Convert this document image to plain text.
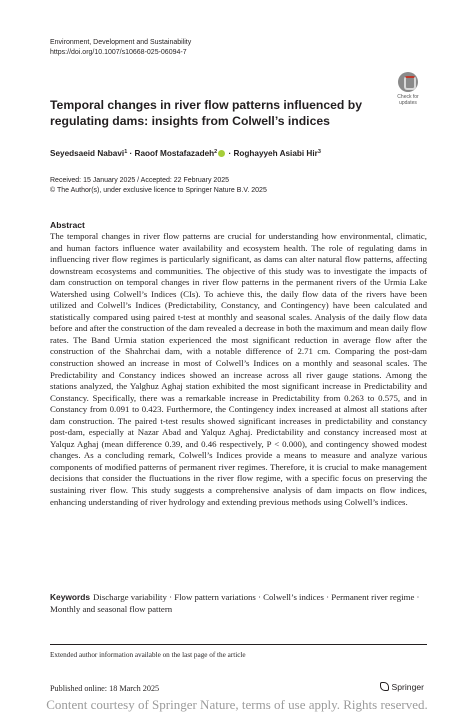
Environment, Development and Sustainability
https://doi.org/10.1007/s10668-025-06094-7
Check for updates
Temporal changes in river flow patterns influenced by regulating dams: insights from Colwell’s indices
Seyedsaeid Nabavi$^1$ · Raoof Mostafazadeh$^2$ · Roghayyeh Asiabi Hir$^3$
Received: 15 January 2025 / Accepted: 22 February 2025
© The Author(s), under exclusive licence to Springer Nature B.V. 2025
Abstract
The temporal changes in river flow patterns are crucial for understanding how environmental, climatic, and human factors influence water availability and ecosystem health. The role of regulating dams in influencing river flow regimes is particularly significant, as dams can alter natural flow patterns, affecting downstream ecosystems and communities. The objective of this study was to investigate the impacts of dam construction on temporal changes in river flow patterns in the permanent rivers of the Urmia Lake Watershed using Colwell’s Indices (CIs). To achieve this, the daily flow data of the rivers have been utilized and Colwell’s Indices (Predictability, Constancy, and Contingency) have been calculated and statistically compared using paired t-test at monthly and seasonal scales. Analysis of the daily flow data before and after the construction of the dam revealed a decrease in both the maximum and mean daily flow rates. The Band Urmia station experienced the most significant reduction in average flow after the construction of the Shahrchai dam, with a notable difference of 2.71 cm. Comparing the post-dam construction showed an increase in most of Colwell’s Indices on a monthly and seasonal scales. The Predictability and Constancy indices showed an increase across all river gauge stations. Among the stations analyzed, the Yalghuz Aghaj station exhibited the most significant increase in Predictability and Constancy. Specifically, there was a remarkable increase in Predictability from 0.263 to 0.575, and in Constancy from 0.091 to 0.423. Furthermore, the Contingency index increased at almost all stations after dam construction. The paired t-test results showed significant increases in predictability and constancy post-dam, especially at Nazar Abad and Yalquz Aghaj. Predictability and constancy increased most at Yalquz Aghaj (mean difference 0.39, and 0.46 respectively, P < 0.000), and contingency showed modest changes. As a concluding remark, Colwell’s Indices provide a means to measure and analyze various components of modified patterns of permanent river regimes. Therefore, it is crucial to make management decisions that consider the fluctuations in the river flow regime, with a specific focus on preserving the sustaining river flow. This study suggests a comprehensive analysis of dam impacts on flow indices, enhancing understanding of river hydrology and extending previous methods using Colwell’s indices.
Keywords Discharge variability · Flow pattern variations · Colwell’s indices · Permanent river regime · Monthly and seasonal flow pattern
Extended author information available on the last page of the article
Published online: 18 March 2025	Springer
Content courtesy of Springer Nature, terms of use apply. Rights reserved.
